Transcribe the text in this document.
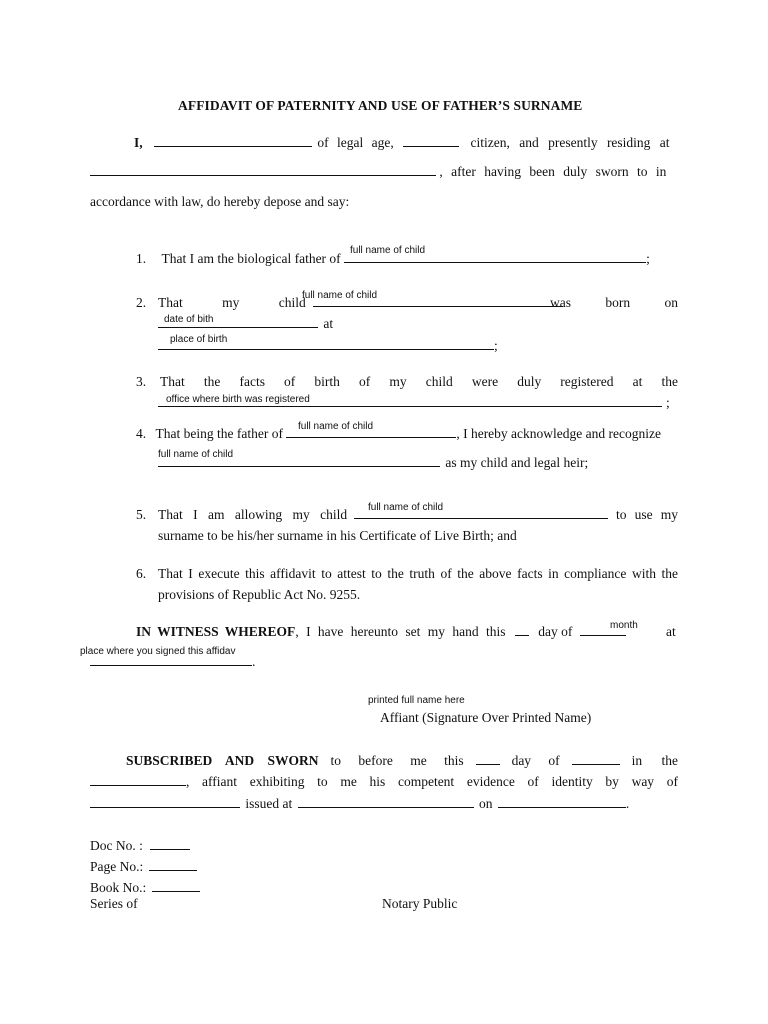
AFFIDAVIT OF PATERNITY AND USE OF FATHER’S SURNAME
I,	of legal age,	citizen, and presently residing at
, after having been duly sworn to in
accordance with law, do hereby depose and say:
full name of child
1. That I am the biological father of	;
full name of child
2. That my child	was born on
date of bith	at
place of birth	;
3. That the facts of birth of my child were duly registered at the
office where birth was registered	;
full name of child
4. That being the father of	, I hereby acknowledge and recognize
full name of child
as my child and legal heir;
full name of child
5. That I am allowing my child	to use my
surname to be his/her surname in his Certificate of Live Birth; and
6. That I execute this affidavit to attest to the truth of the above facts in compliance with the
provisions of Republic Act No. 9255.
month
IN WITNESS WHEREOF, I have hereunto set my hand this day of	at
place where you signed this affidav
.
printed full name here
Affiant (Signature Over Printed Name)
SUBSCRIBED AND SWORN to before me this	day of	in the
, affiant exhibiting to me his competent evidence of identity by way of
issued at	on	.
Doc No. :
Page No.:
Book No.:
Series of	Notary Public
